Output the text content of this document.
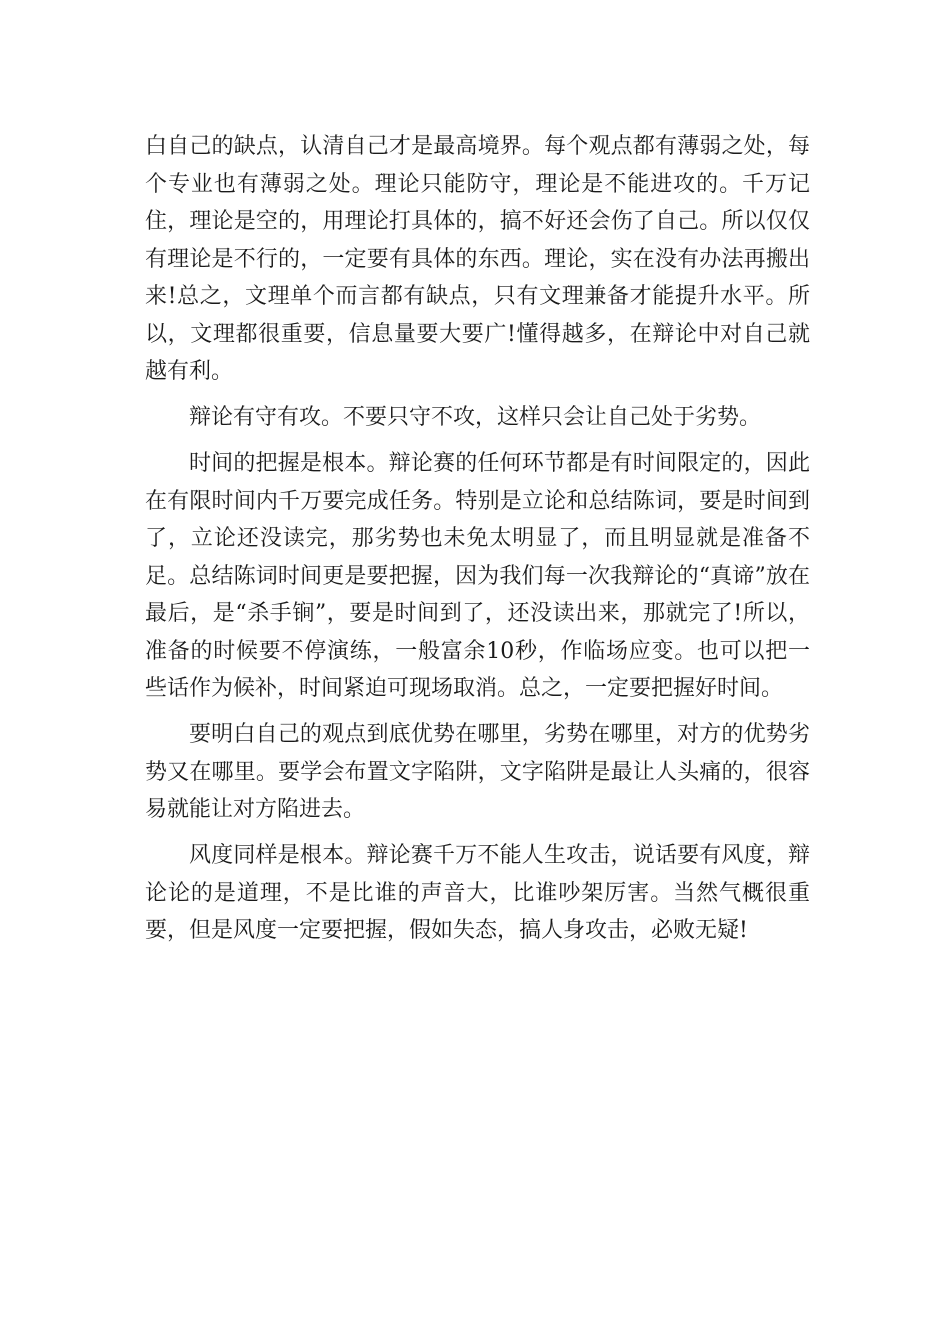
白自己的缺点，认清自己才是最高境界。每个观点都有薄弱之处，每个专业也有薄弱之处。理论只能防守，理论是不能进攻的。千万记住，理论是空的，用理论打具体的，搞不好还会伤了自己。所以仅仅有理论是不行的，一定要有具体的东西。理论，实在没有办法再搬出来!总之，文理单个而言都有缺点，只有文理兼备才能提升水平。所以，文理都很重要，信息量要大要广!懂得越多，在辩论中对自己就越有利。

辩论有守有攻。不要只守不攻，这样只会让自己处于劣势。

时间的把握是根本。辩论赛的任何环节都是有时间限定的，因此在有限时间内千万要完成任务。特别是立论和总结陈词，要是时间到了，立论还没读完，那劣势也未免太明显了，而且明显就是准备不足。总结陈词时间更是要把握，因为我们每一次我辩论的“真谛”放在最后，是“杀手锏”，要是时间到了，还没读出来，那就完了!所以，准备的时候要不停演练，一般富余10秒，作临场应变。也可以把一些话作为候补，时间紧迫可现场取消。总之，一定要把握好时间。

要明白自己的观点到底优势在哪里，劣势在哪里，对方的优势劣势又在哪里。要学会布置文字陷阱，文字陷阱是最让人头痛的，很容易就能让对方陷进去。

风度同样是根本。辩论赛千万不能人生攻击，说话要有风度，辩论论的是道理，不是比谁的声音大，比谁吵架厉害。当然气概很重要，但是风度一定要把握，假如失态，搞人身攻击，必败无疑!
